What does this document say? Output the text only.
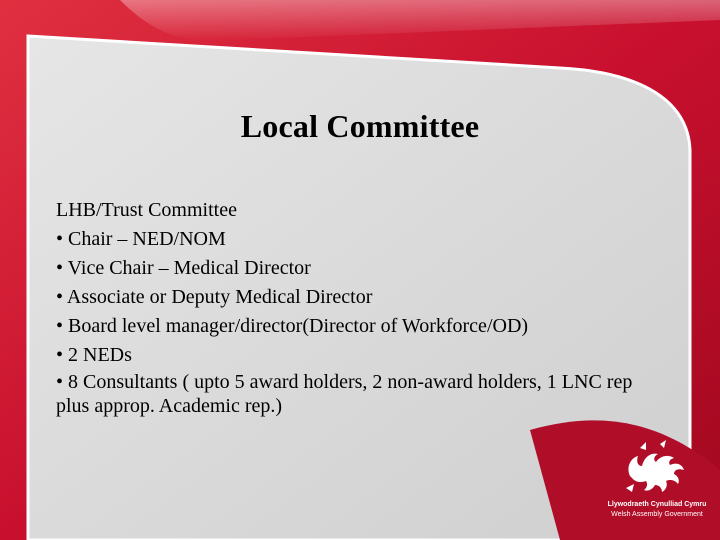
Local Committee
LHB/Trust Committee
• Chair – NED/NOM
• Vice Chair – Medical Director
• Associate or Deputy Medical Director
• Board level manager/director(Director of Workforce/OD)
• 2 NEDs
• 8 Consultants ( upto 5 award holders, 2 non-award holders, 1 LNC rep plus approp. Academic rep.)
Llywodraeth Cynulliad Cymru
Welsh Assembly Government
